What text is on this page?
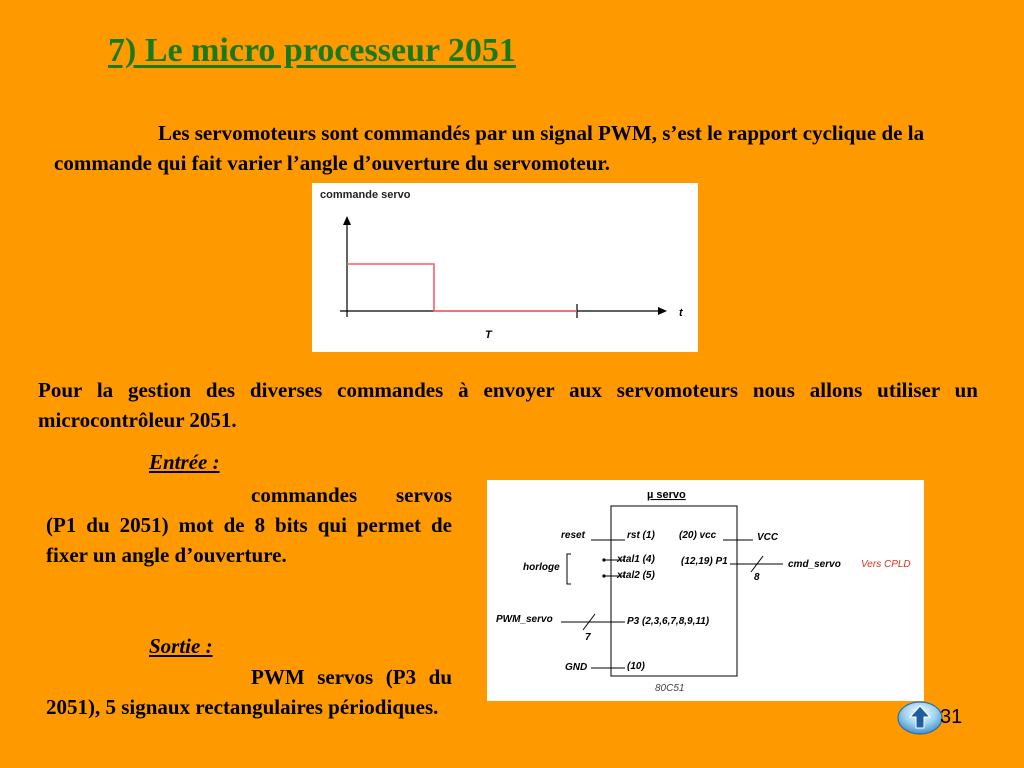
7) Le micro processeur 2051

Les servomoteurs sont commandés par un signal PWM, s’est le rapport cyclique de la commande qui fait varier l’angle d’ouverture du servomoteur.

commande servo
t
T

Pour la gestion des diverses commandes à envoyer aux servomoteurs nous allons utiliser un microcontrôleur 2051.

Entrée :

commandes servos (P1 du 2051) mot de 8 bits qui permet de fixer un angle d’ouverture.

Sortie :

PWM servos (P3 du 2051), 5 signaux rectangulaires périodiques.

µ servo
80C51
reset	rst (1)
horloge
xtal1 (4)
xtal2 (5)
PWM_servo
7
P3 (2,3,6,7,8,9,11)
GND	(10)
(20) vcc	VCC
(12,19) P1
8
cmd_servo Vers CPLD
31
